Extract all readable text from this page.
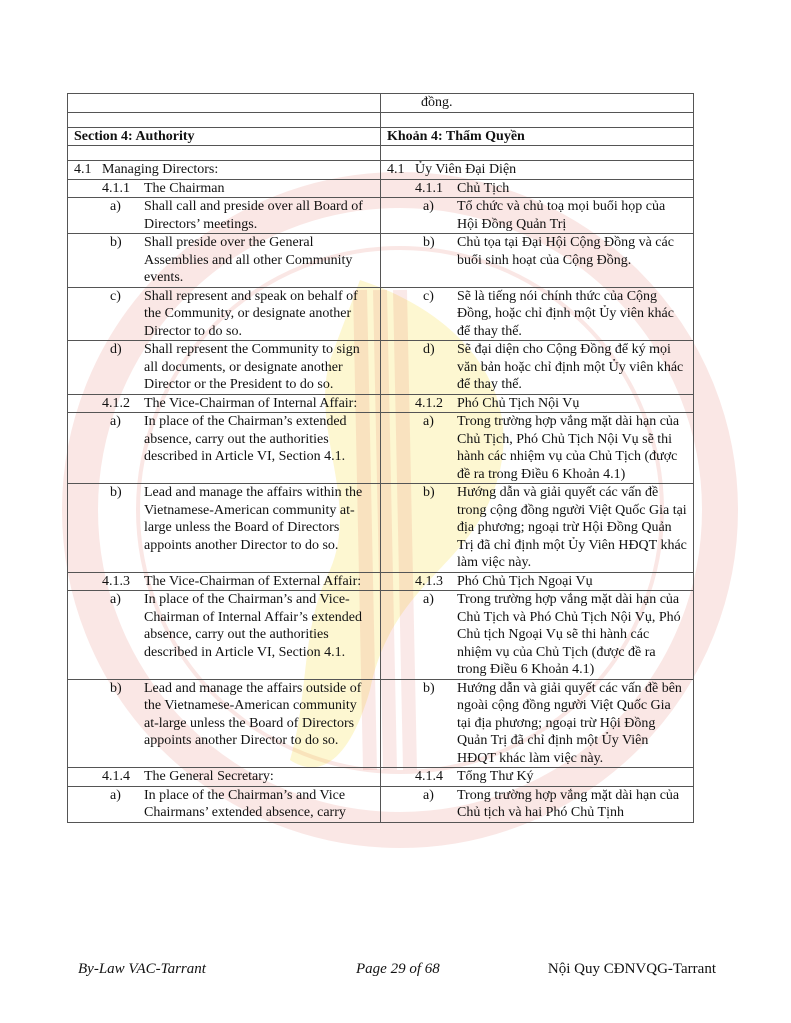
	đồng.

Section 4: Authority	Khoản 4: Thẩm Quyền

4.1 Managing Directors:	4.1 Ủy Viên Đại Diện

4.1.1 The Chairman	4.1.1 Chủ Tịch

a) Shall call and preside over all Board of Directors’ meetings.	a) Tổ chức và chủ toạ mọi buổi họp của Hội Đồng Quản Trị

b) Shall preside over the General Assemblies and all other Community events.	b) Chủ tọa tại Đại Hội Cộng Đồng và các buổi sinh hoạt của Cộng Đồng.

c) Shall represent and speak on behalf of the Community, or designate another Director to do so.	c) Sẽ là tiếng nói chính thức của Cộng Đồng, hoặc chỉ định một Ủy viên khác để thay thế.

d) Shall represent the Community to sign all documents, or designate another Director or the President to do so.	d) Sẽ đại diện cho Cộng Đồng để ký mọi văn bản hoặc chỉ định một Ủy viên khác để thay thế.

4.1.2 The Vice-Chairman of Internal Affair:	4.1.2 Phó Chủ Tịch Nội Vụ

a) In place of the Chairman’s extended absence, carry out the authorities described in Article VI, Section 4.1.	a) Trong trường hợp vắng mặt dài hạn của Chủ Tịch, Phó Chủ Tịch Nội Vụ sẽ thi hành các nhiệm vụ của Chủ Tịch (được đề ra trong Điều 6 Khoản 4.1)

b) Lead and manage the affairs within the Vietnamese-American community at-large unless the Board of Directors appoints another Director to do so.	b) Hướng dẫn và giải quyết các vấn đề trong cộng đồng người Việt Quốc Gia tại địa phương; ngoại trừ Hội Đồng Quản Trị đã chỉ định một Ủy Viên HĐQT khác làm việc này.

4.1.3 The Vice-Chairman of External Affair:	4.1.3 Phó Chủ Tịch Ngoại Vụ

a) In place of the Chairman’s and Vice-Chairman of Internal Affair’s extended absence, carry out the authorities described in Article VI, Section 4.1.	a) Trong trường hợp vắng mặt dài hạn của Chủ Tịch và Phó Chủ Tịch Nội Vụ, Phó Chủ tịch Ngoại Vụ sẽ thi hành các nhiệm vụ của Chủ Tịch (được đề ra trong Điều 6 Khoản 4.1)

b) Lead and manage the affairs outside of the Vietnamese-American community at-large unless the Board of Directors appoints another Director to do so.	b) Hướng dẫn và giải quyết các vấn đề bên ngoài cộng đồng người Việt Quốc Gia tại địa phương; ngoại trừ Hội Đồng Quản Trị đã chỉ định một Ủy Viên HĐQT khác làm việc này.

4.1.4 The General Secretary:	4.1.4 Tổng Thư Ký

a) In place of the Chairman’s and Vice Chairmans’ extended absence, carry	a) Trong trường hợp vắng mặt dài hạn của Chủ tịch và hai Phó Chủ Tịnh
By-Law VAC-Tarrant	Page 29 of 68	Nội Quy CĐNVQG-Tarrant
